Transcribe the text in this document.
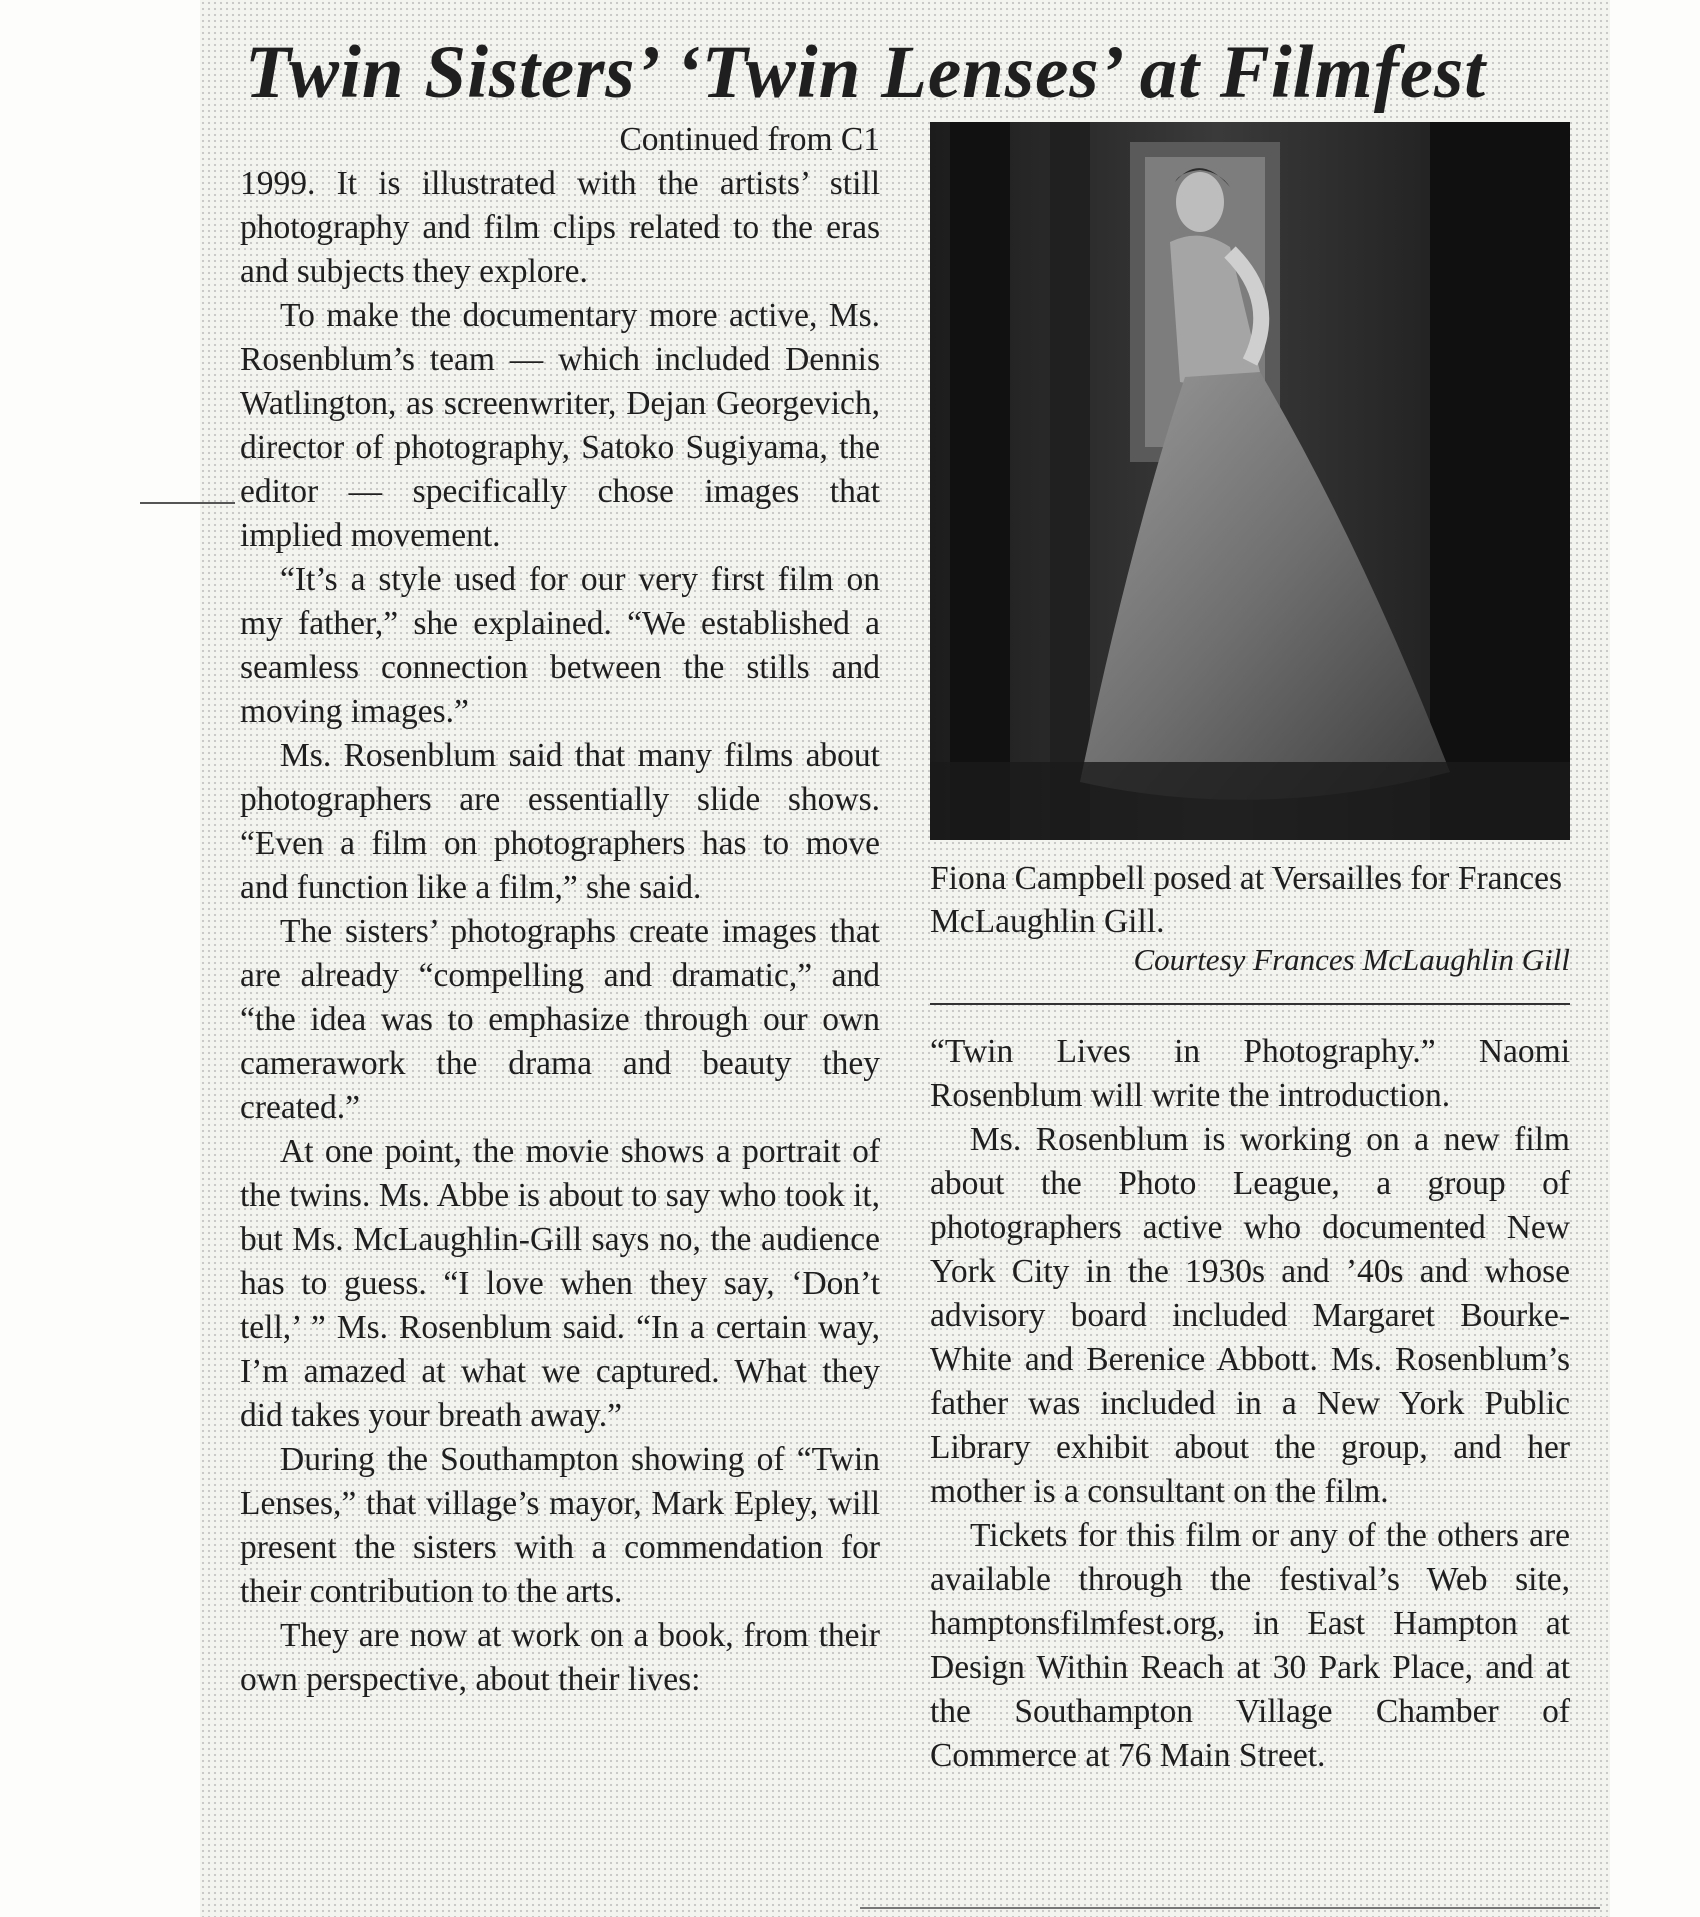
Twin Sisters’ ‘Twin Lenses’ at Filmfest

Continued from C1

1999. It is illustrated with the artists’ still photography and film clips related to the eras and subjects they explore.

To make the documentary more active, Ms. Rosenblum’s team — which included Dennis Watlington, as screenwriter, Dejan Georgevich, director of photography, Satoko Sugiyama, the editor — specifically chose images that implied movement.

“It’s a style used for our very first film on my father,” she explained. “We established a seamless connection between the stills and moving images.”

Ms. Rosenblum said that many films about photographers are essentially slide shows. “Even a film on photographers has to move and function like a film,” she said.

The sisters’ photographs create images that are already “compelling and dramatic,” and “the idea was to emphasize through our own camerawork the drama and beauty they created.”

At one point, the movie shows a portrait of the twins. Ms. Abbe is about to say who took it, but Ms. McLaughlin-Gill says no, the audience has to guess. “I love when they say, ‘Don’t tell,’ ” Ms. Rosenblum said. “In a certain way, I’m amazed at what we captured. What they did takes your breath away.”

During the Southampton showing of “Twin Lenses,” that village’s mayor, Mark Epley, will present the sisters with a commendation for their contribution to the arts.

They are now at work on a book, from their own perspective, about their lives:

Fiona Campbell posed at Versailles for Frances McLaughlin Gill.

Courtesy Frances McLaughlin Gill

“Twin Lives in Photography.” Naomi Rosenblum will write the introduction.

Ms. Rosenblum is working on a new film about the Photo League, a group of photographers active who documented New York City in the 1930s and ’40s and whose advisory board included Margaret Bourke-White and Berenice Abbott. Ms. Rosenblum’s father was included in a New York Public Library exhibit about the group, and her mother is a consultant on the film.

Tickets for this film or any of the others are available through the festival’s Web site, hamptonsfilmfest.org, in East Hampton at Design Within Reach at 30 Park Place, and at the Southampton Village Chamber of Commerce at 76 Main Street.
